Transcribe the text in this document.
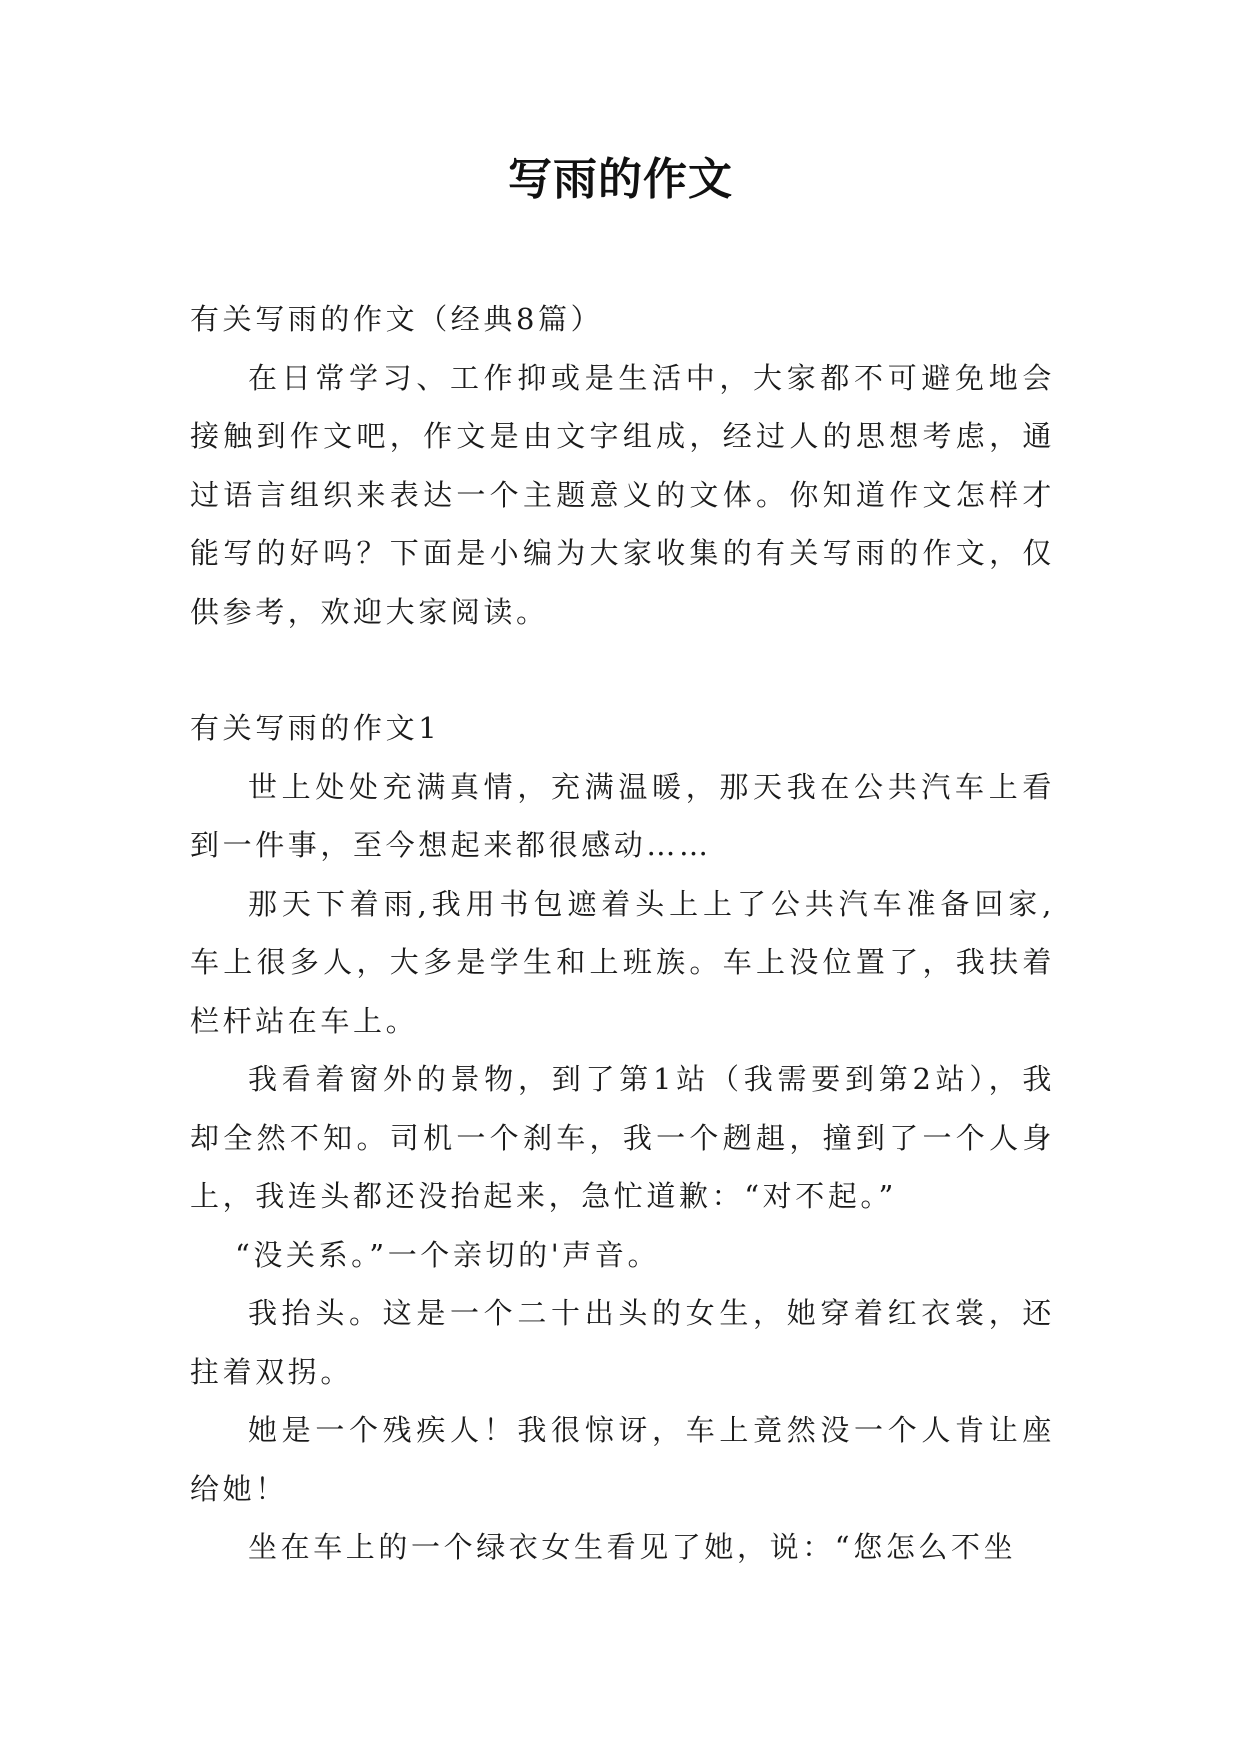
写雨的作文

有关写雨的作文（经典8篇）

在日常学习、工作抑或是生活中，大家都不可避免地会接触到作文吧，作文是由文字组成，经过人的思想考虑，通过语言组织来表达一个主题意义的文体。你知道作文怎样才能写的好吗？下面是小编为大家收集的有关写雨的作文，仅供参考，欢迎大家阅读。

有关写雨的作文1

世上处处充满真情，充满温暖，那天我在公共汽车上看到一件事，至今想起来都很感动……

那天下着雨,我用书包遮着头上上了公共汽车准备回家,车上很多人，大多是学生和上班族。车上没位置了，我扶着栏杆站在车上。

我看着窗外的景物，到了第1站（我需要到第2站），我却全然不知。司机一个刹车，我一个趔趄，撞到了一个人身上，我连头都还没抬起来，急忙道歉：“对不起。”

“没关系。”一个亲切的'声音。

我抬头。这是一个二十出头的女生，她穿着红衣裳，还拄着双拐。

她是一个残疾人！我很惊讶，车上竟然没一个人肯让座给她！

坐在车上的一个绿衣女生看见了她，说：“您怎么不坐
